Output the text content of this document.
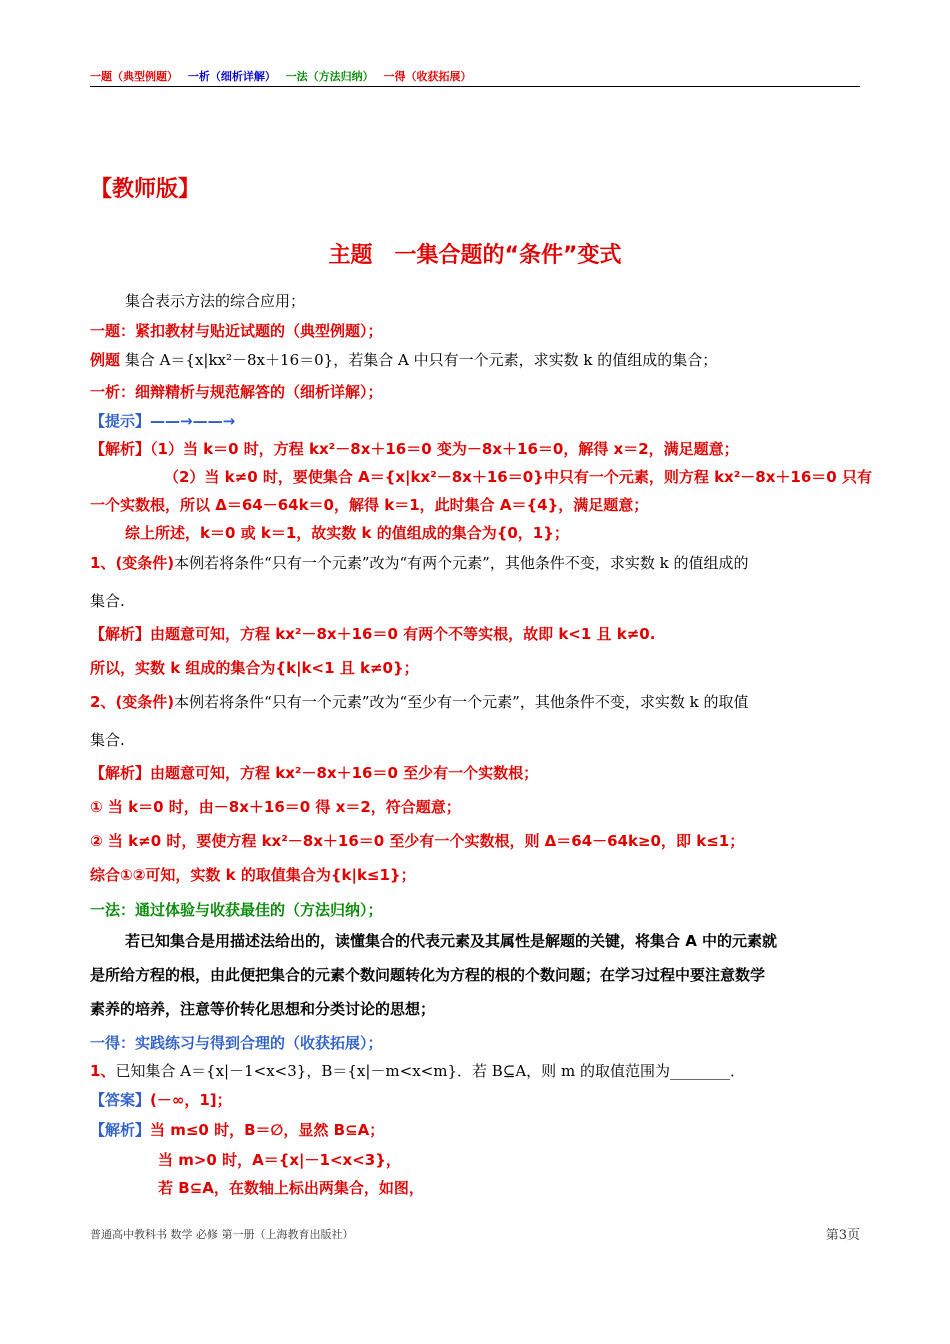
一题（典型例题） 一析（细析详解） 一法（方法归纳） 一得（收获拓展）
【教师版】
主题　一集合题的“条件”变式
集合表示方法的综合应用；
一题：紧扣教材与贴近试题的（典型例题）；
例题 集合 A＝{x|kx²－8x＋16＝0}，若集合 A 中只有一个元素，求实数 k 的值组成的集合；
一析：细辩精析与规范解答的（细析详解）；
【提示】——→——→
【解析】（1）当 k＝0 时，方程 kx²－8x＋16＝0 变为－8x＋16＝0，解得 x＝2，满足题意；
（2）当 k≠0 时，要使集合 A＝{x|kx²－8x＋16＝0}中只有一个元素，则方程 kx²－8x＋16＝0 只有
一个实数根，所以 Δ＝64－64k＝0，解得 k＝1，此时集合 A＝{4}，满足题意；
综上所述，k＝0 或 k＝1，故实数 k 的值组成的集合为{0，1}；
1、(变条件)本例若将条件“只有一个元素”改为“有两个元素”，其他条件不变，求实数 k 的值组成的
集合.
【解析】由题意可知，方程 kx²－8x＋16＝0 有两个不等实根，故即 k<1 且 k≠0.
所以，实数 k 组成的集合为{k|k<1 且 k≠0}；
2、(变条件)本例若将条件“只有一个元素”改为“至少有一个元素”，其他条件不变，求实数 k 的取值
集合.
【解析】由题意可知，方程 kx²－8x＋16＝0 至少有一个实数根；
① 当 k＝0 时，由－8x＋16＝0 得 x＝2，符合题意；
② 当 k≠0 时，要使方程 kx²－8x＋16＝0 至少有一个实数根，则 Δ＝64－64k≥0，即 k≤1；
综合①②可知，实数 k 的取值集合为{k|k≤1}；
一法：通过体验与收获最佳的（方法归纳）；
若已知集合是用描述法给出的，读懂集合的代表元素及其属性是解题的关键，将集合 A 中的元素就
是所给方程的根，由此便把集合的元素个数问题转化为方程的根的个数问题；在学习过程中要注意数学
素养的培养，注意等价转化思想和分类讨论的思想；
一得：实践练习与得到合理的（收获拓展）；
1、已知集合 A＝{x|－1<x<3}，B＝{x|－m<x<m}．若 B⊆A，则 m 的取值范围为________．
【答案】(－∞，1]；
【解析】当 m≤0 时，B＝∅，显然 B⊆A；
当 m>0 时，A＝{x|－1<x<3}，
若 B⊆A，在数轴上标出两集合，如图，
普通高中教科书 数学 必修 第一册（上海教育出版社）	第3页
